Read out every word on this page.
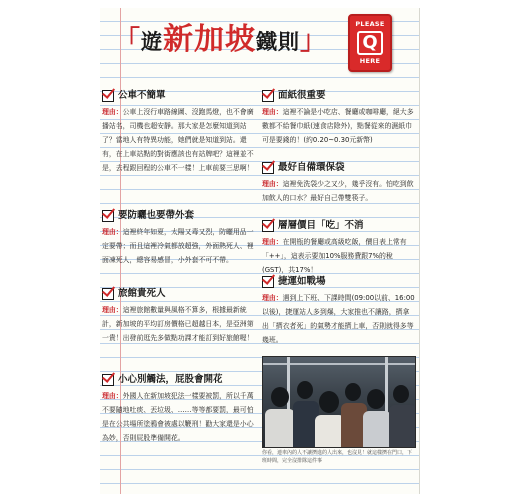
「遊新加坡鐵則」
PLEASE
Q
HERE
公車不簡單
理由：公車上沒行車路線圖、沒跑馬燈，也不會廣播站名，司機也超安靜。那大家是怎麼知道到站了？當地人有特異功能，她們就是知道到站。還有，在上車站點的對街應該也有站牌吧？這裡並不是，去程跟回程的公車不一樣！上車前要三思啊！
要防曬也要帶外套
理由：這裡終年如夏，太陽又毒又烈，防曬用品一定要帶；而且這裡冷氣都放超強，外面熱死人、裡面凍死人，總容易感冒，小外套不可不帶。
旅館貴死人
理由：這裡旅館數量與風格不算多，根據最新統計，新加坡的平均訂房價格已超越日本，是亞洲第一貴！出發前逛先多做點功課才能訂到好旅館喔！
小心別觸法，屁股會開花
理由：外國人在新加坡犯法一樣要被罰，所以千萬不要隨地吐痰、丟垃圾、……等等都要罰，最可怕是在公共場所塗鴉會被處以鞭刑！勸大家還是小心為妙，否則屁股準備開花。
面紙很重要
理由：這裡不論是小吃店、餐廳或咖啡廳，絕大多數都不給餐巾紙(速食店除外)，點餐從來的濕紙巾可是要錢的！(約0.20~0.30元新幣)
最好自備環保袋
理由：這裡免洗袋少之又少，幾乎沒有。怕吃到飲加飲人的口水？最好自己帶雙筷子。
層層價目「吃」不消
理由：在開瓶的餐廳或高級吃飯，價目表上常有「++」，這表示要加10%服務費跟7%的稅(GST)，共17%！
捷運如戰場
理由：遇到上下班、下課時間(09:00以前、16:00以後)，捷運站人多到爆，大家推也不讓路，擠拿出「擠衣者死」的氣勢才能擠上車，否則就得多等幾班。
你看，連車內的人不讓擠進的人出來，也沒見！就這樣擠在門口，下班時間，完全沒排隊這件事
